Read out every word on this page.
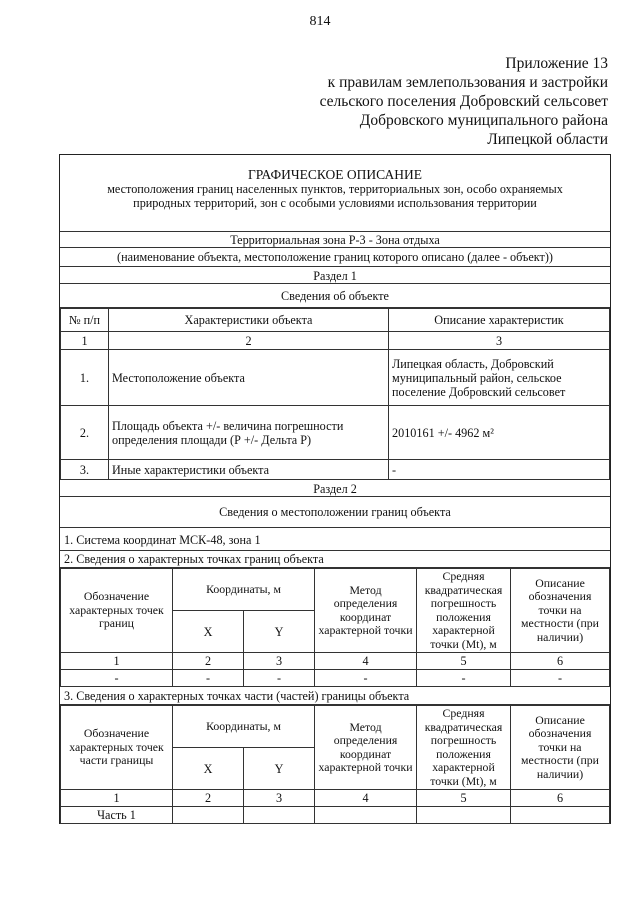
814
Приложение 13
к правилам землепользования и застройки
сельского поселения Добровский сельсовет
Добровского муниципального района
Липецкой области
ГРАФИЧЕСКОЕ ОПИСАНИЕ
местоположения границ населенных пунктов, территориальных зон, особо охраняемых
природных территорий, зон с особыми условиями использования территории
Территориальная зона Р-3 - Зона отдыха
(наименование объекта, местоположение границ которого описано (далее - объект))
Раздел 1
Сведения об объекте
№ п/п	Характеристики объекта	Описание характеристик
1	2	3
1.	Местоположение объекта	Липецкая область, Добровский муниципальный район, сельское поселение Добровский сельсовет
2.	Площадь объекта +/- величина погрешности определения площади (Р +/- Дельта Р)	2010161 +/- 4962 м²
3.	Иные характеристики объекта	-
Раздел 2
Сведения о местоположении границ объекта
1. Система координат МСК-48, зона 1
2. Сведения о характерных точках границ объекта
Обозначение характерных точек границ	Координаты, м		Метод определения координат характерной точки	Средняя квадратическая погрешность положения характерной точки (Mt), м	Описание обозначения точки на местности (при наличии)
	X	Y			
1	2	3	4	5	6
-	-	-	-	-	-
3. Сведения о характерных точках части (частей) границы объекта
Обозначение характерных точек части границы	Координаты, м		Метод определения координат характерной точки	Средняя квадратическая погрешность положения характерной точки (Mt), м	Описание обозначения точки на местности (при наличии)
	X	Y			
1	2	3	4	5	6
Часть 1					
